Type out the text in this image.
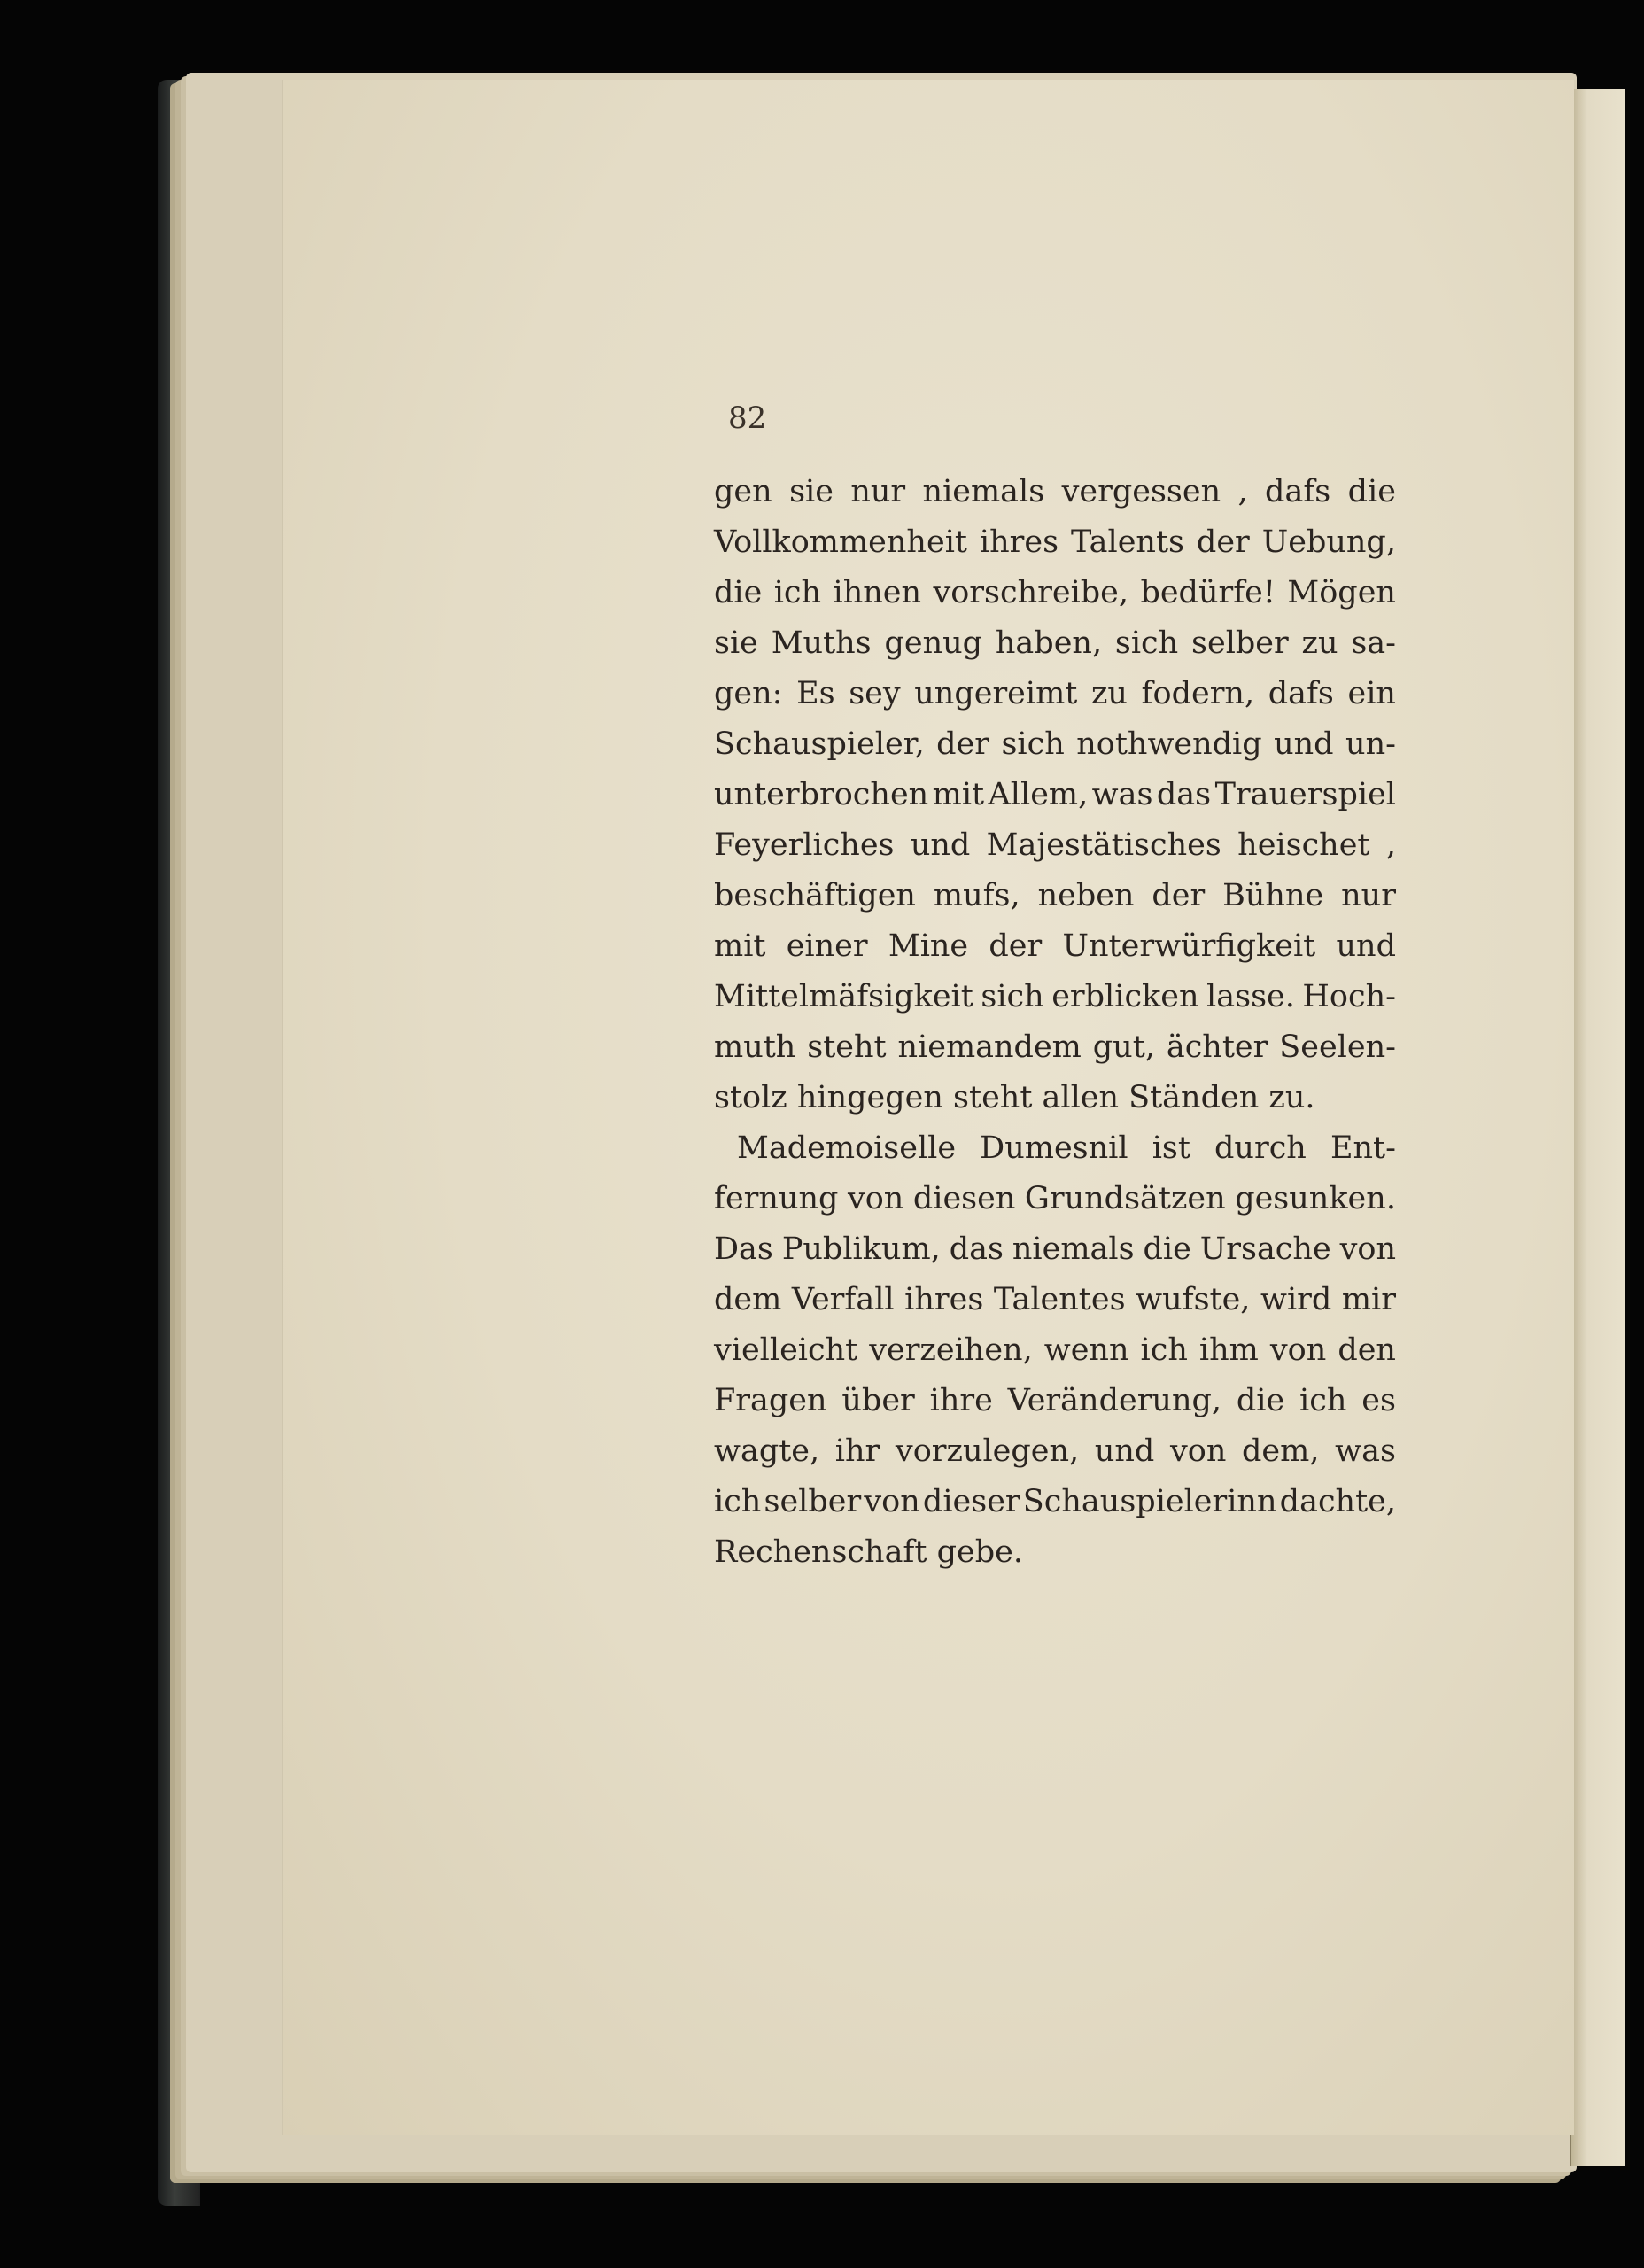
82
gen sie nur niemals vergessen , dafs die
Vollkommenheit ihres Talents der Uebung,
die ich ihnen vorschreibe, bedürfe! Mögen
sie Muths genug haben, sich selber zu sa-
gen: Es sey ungereimt zu fodern, dafs ein
Schauspieler, der sich nothwendig und un-
unterbrochen mit Allem, was das Trauerspiel
Feyerliches und Majestätisches heischet ,
beschäftigen mufs, neben der Bühne nur
mit einer Mine der Unterwürfigkeit und
Mittelmäfsigkeit sich erblicken lasse. Hoch-
muth steht niemandem gut, ächter Seelen-
stolz hingegen steht allen Ständen zu.
Mademoiselle Dumesnil ist durch Ent-
fernung von diesen Grundsätzen gesunken.
Das Publikum, das niemals die Ursache von
dem Verfall ihres Talentes wufste, wird mir
vielleicht verzeihen, wenn ich ihm von den
Fragen über ihre Veränderung, die ich es
wagte, ihr vorzulegen, und von dem, was
ich selber von dieser Schauspielerinn dachte,
Rechenschaft gebe.
